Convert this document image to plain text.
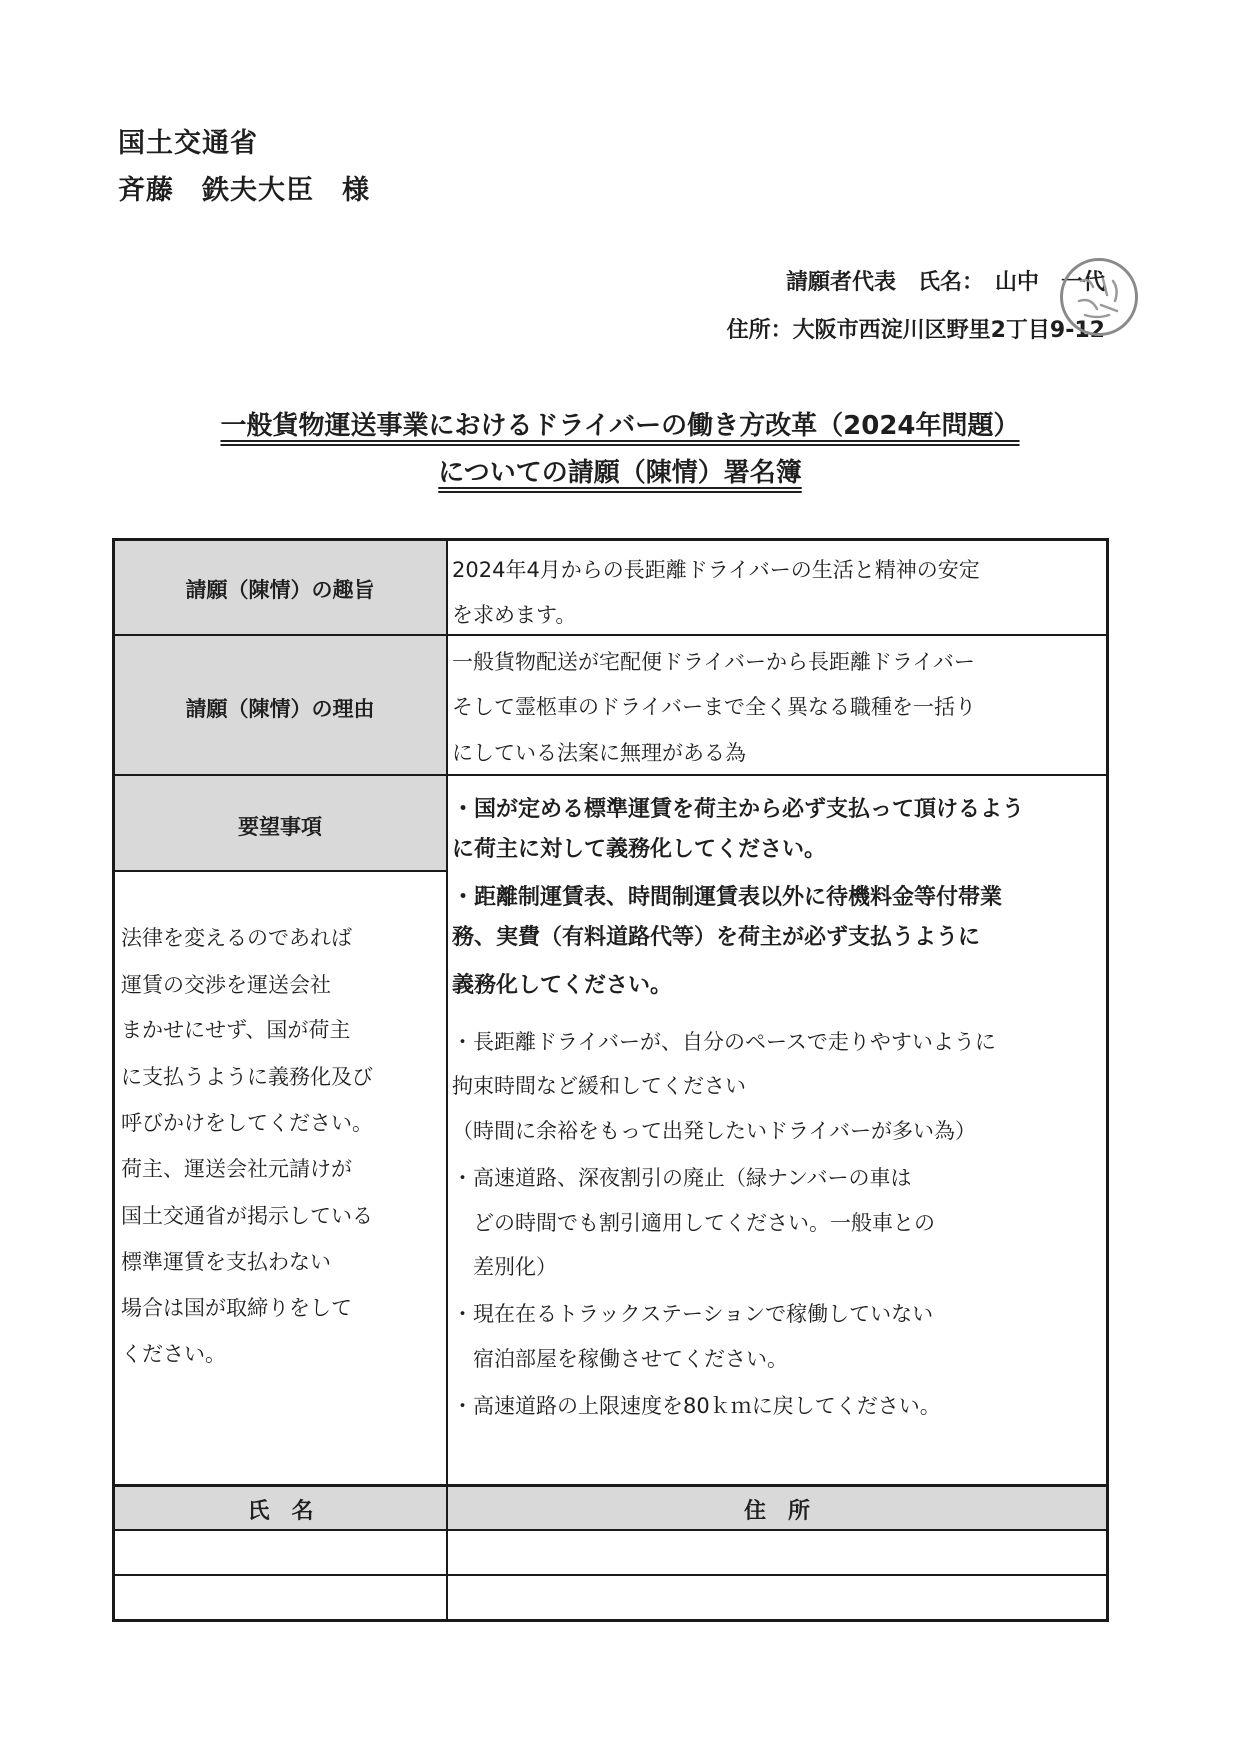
国土交通省
斉藤　鉄夫大臣　様
請願者代表　氏名：　山中　一代
住所：大阪市西淀川区野里2丁目9-12
一般貨物運送事業におけるドライバーの働き方改革（2024年問題）
についての請願（陳情）署名簿
請願（陳情）の趣旨
2024年4月からの長距離ドライバーの生活と精神の安定
を求めます。
請願（陳情）の理由
一般貨物配送が宅配便ドライバーから長距離ドライバー
そして霊柩車のドライバーまで全く異なる職種を一括り
にしている法案に無理がある為
要望事項
・国が定める標準運賃を荷主から必ず支払って頂けるよう
に荷主に対して義務化してください。
・距離制運賃表、時間制運賃表以外に待機料金等付帯業
務、実費（有料道路代等）を荷主が必ず支払うように
義務化してください。
・長距離ドライバーが、自分のペースで走りやすいように
拘束時間など緩和してください
（時間に余裕をもって出発したいドライバーが多い為）
・高速道路、深夜割引の廃止（緑ナンバーの車は
　どの時間でも割引適用してください。一般車との
　差別化）
・現在在るトラックステーションで稼働していない
　宿泊部屋を稼働させてください。
・高速道路の上限速度を80ｋｍに戻してください。
法律を変えるのであれば
運賃の交渉を運送会社
まかせにせず、国が荷主
に支払うように義務化及び
呼びかけをしてください。
荷主、運送会社元請けが
国土交通省が掲示している
標準運賃を支払わない
場合は国が取締りをして
ください。
氏　名	住　所
